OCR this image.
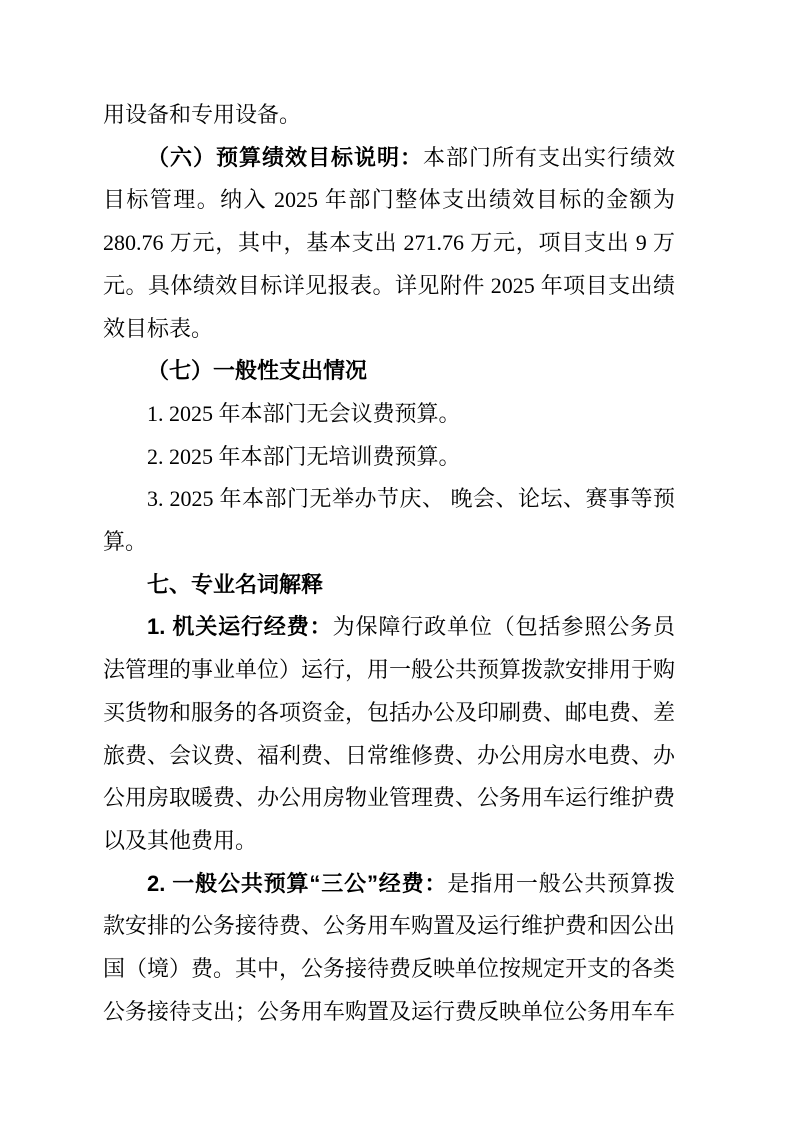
用设备和专用设备。

（六）预算绩效目标说明：本部门所有支出实行绩效目标管理。纳入 2025 年部门整体支出绩效目标的金额为 280.76 万元，其中，基本支出 271.76 万元，项目支出 9 万元。具体绩效目标详见报表。详见附件 2025 年项目支出绩效目标表。

（七）一般性支出情况

1. 2025 年本部门无会议费预算。

2. 2025 年本部门无培训费预算。

3. 2025 年本部门无举办节庆、 晚会、论坛、赛事等预算。

七、专业名词解释

1. 机关运行经费：为保障行政单位（包括参照公务员法管理的事业单位）运行，用一般公共预算拨款安排用于购买货物和服务的各项资金，包括办公及印刷费、邮电费、差旅费、会议费、福利费、日常维修费、办公用房水电费、办公用房取暖费、办公用房物业管理费、公务用车运行维护费以及其他费用。

2. 一般公共预算“三公”经费：是指用一般公共预算拨款安排的公务接待费、公务用车购置及运行维护费和因公出国（境）费。其中，公务接待费反映单位按规定开支的各类公务接待支出；公务用车购置及运行费反映单位公务用车车
